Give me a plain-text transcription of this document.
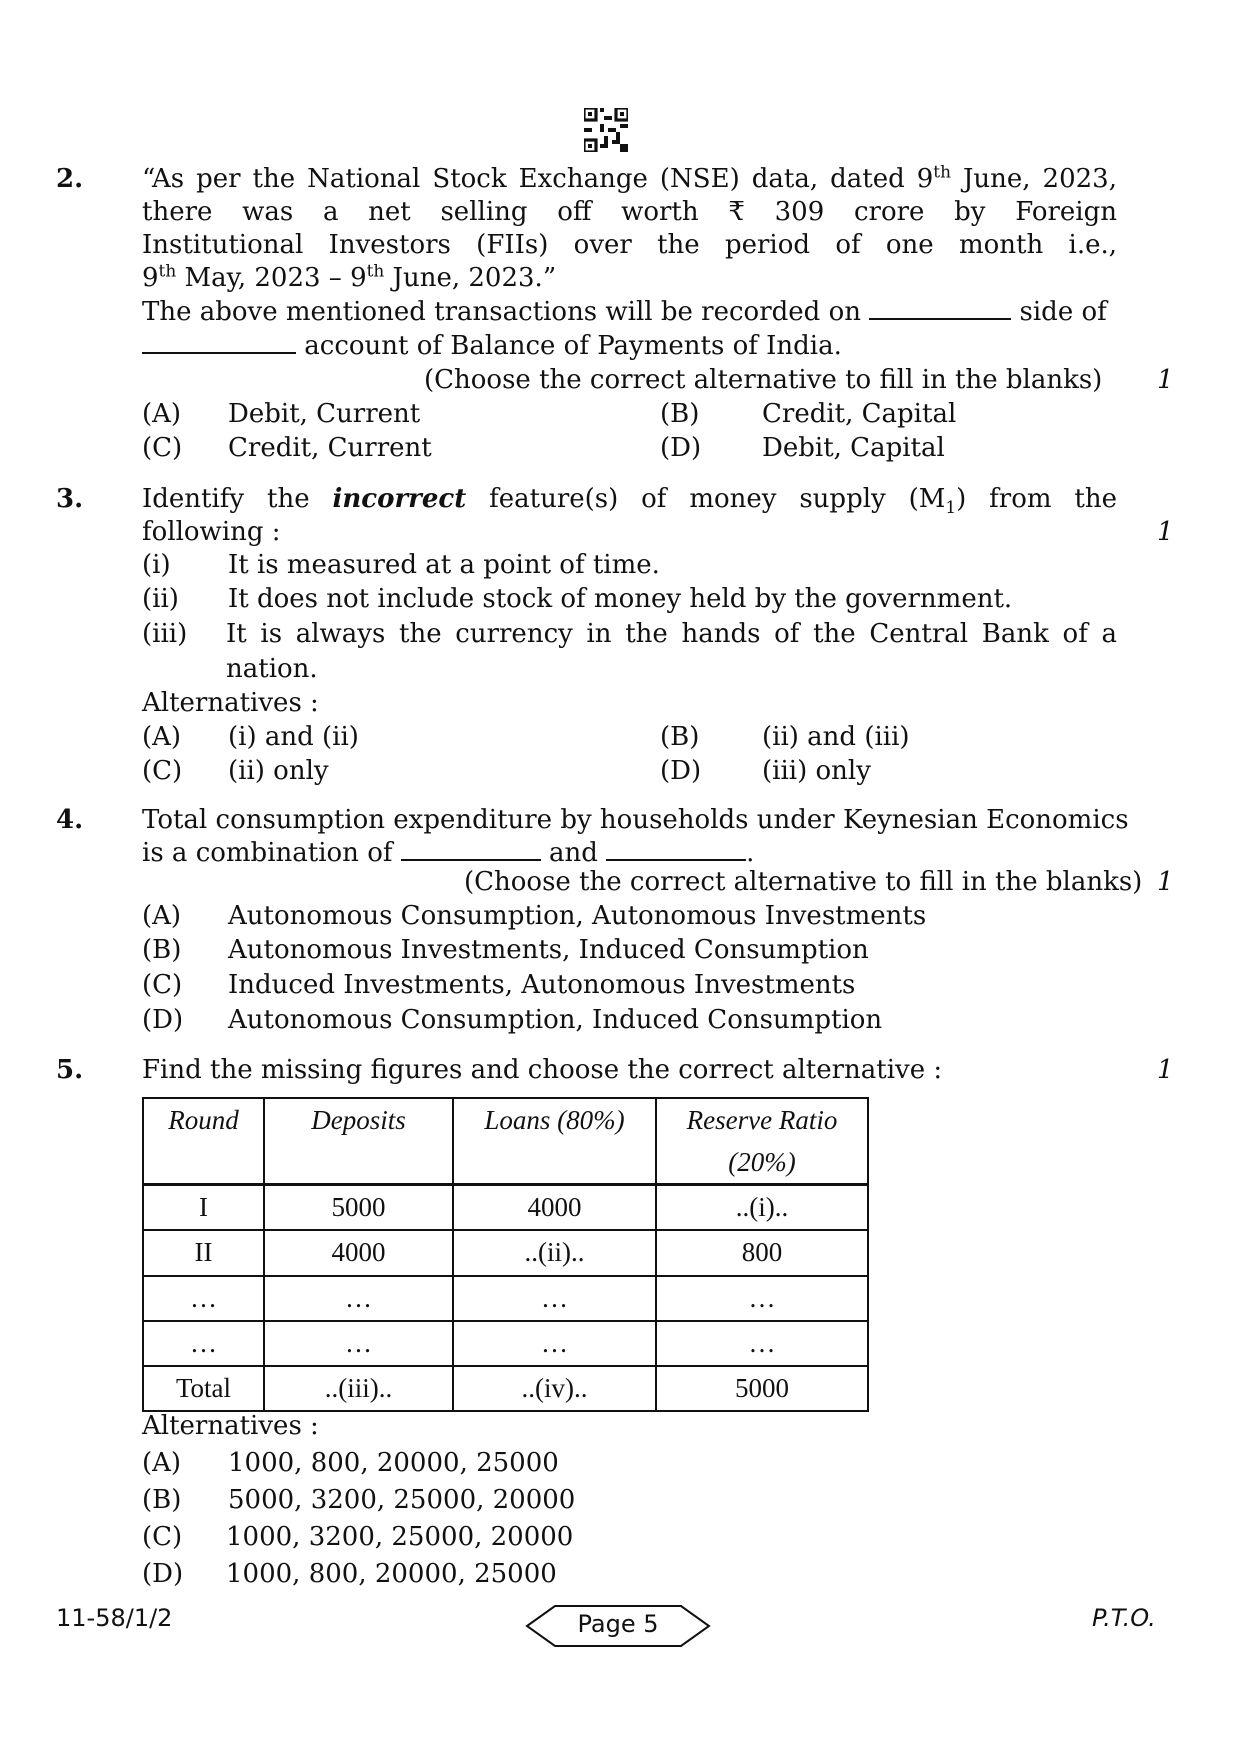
2. “As per the National Stock Exchange (NSE) data, dated 9th June, 2023,
there was a net selling off worth ₹ 309 crore by Foreign
Institutional Investors (FIIs) over the period of one month i.e.,
9th May, 2023 – 9th June, 2023.”
The above mentioned transactions will be recorded on	side of
account of Balance of Payments of India.
(Choose the correct alternative to fill in the blanks) 1
(A) Debit, Current	(B) Credit, Capital
(C) Credit, Current	(D) Debit, Capital
3. Identify the incorrect feature(s) of money supply $(M_1)$ from the
following :	1
(i) It is measured at a point of time.
(ii) It does not include stock of money held by the government.
(iii) It is always the currency in the hands of the Central Bank of a
nation.
Alternatives :
(A) (i) and (ii)	(B) (ii) and (iii)
(C) (ii) only	(D) (iii) only
4. Total consumption expenditure by households under Keynesian Economics
is a combination of	and	.
(Choose the correct alternative to fill in the blanks) 1
(A) Autonomous Consumption, Autonomous Investments
(B) Autonomous Investments, Induced Consumption
(C) Induced Investments, Autonomous Investments
(D) Autonomous Consumption, Induced Consumption
5. Find the missing figures and choose the correct alternative :	1
Round	Deposits	Loans (80%)	Reserve Ratio
(20%)
I	5000	4000	..(i)..
II	4000	..(ii)..	800
…	…	…	…
…	…	…	…
Total	..(iii)..	..(iv)..	5000
Alternatives :
(A) 1000, 800, 20000, 25000
(B) 5000, 3200, 25000, 20000
(C) 1000, 3200, 25000, 20000
(D) 1000, 800, 20000, 25000
11-58/1/2	Page 5	P.T.O.
